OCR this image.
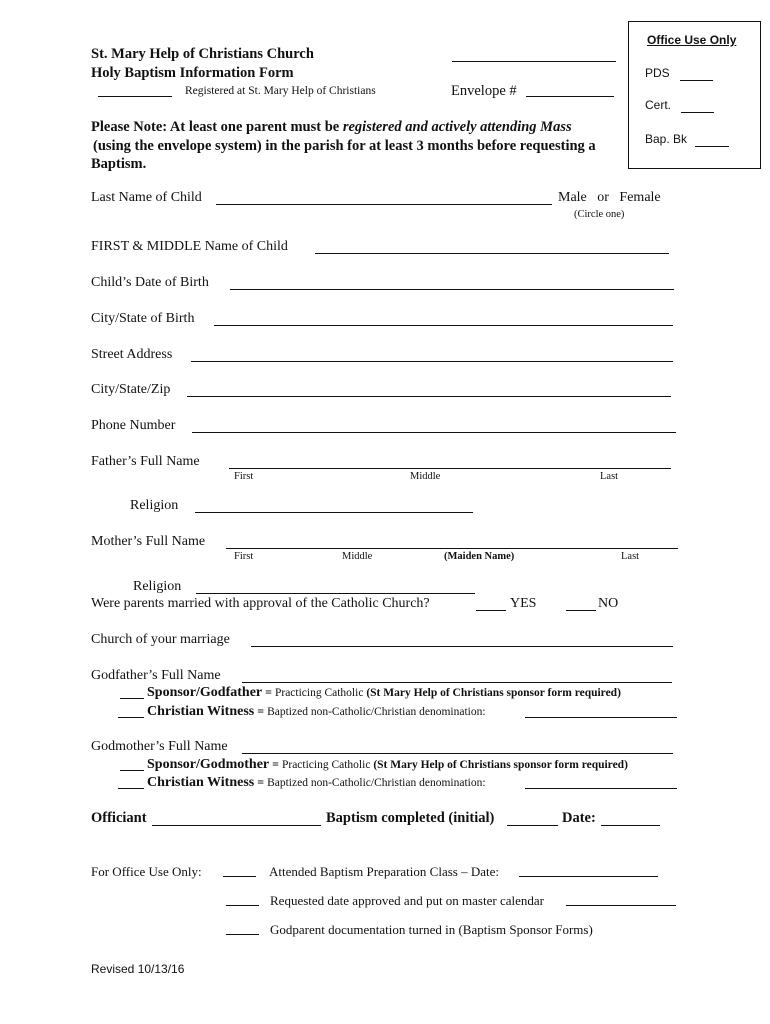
Office Use Only
PDS
Cert.
Bap. Bk
St. Mary Help of Christians Church
Holy Baptism Information Form
Registered at St. Mary Help of Christians	Envelope #
Please Note: At least one parent must be registered and actively attending Mass
(using the envelope system) in the parish for at least 3 months before requesting a
Baptism.
Last Name of Child	Male   or   Female
(Circle one)
FIRST & MIDDLE Name of Child
Child’s Date of Birth
City/State of Birth
Street Address
City/State/Zip
Phone Number
Father’s Full Name
First	Middle	Last
Religion
Mother’s Full Name
First	Middle	(Maiden Name)	Last
Religion
Were parents married with approval of the Catholic Church?	YES	NO
Church of your marriage
Godfather’s Full Name
Sponsor/Godfather = Practicing Catholic (St Mary Help of Christians sponsor form required)
Christian Witness = Baptized non-Catholic/Christian denomination:
Godmother’s Full Name
Sponsor/Godmother = Practicing Catholic (St Mary Help of Christians sponsor form required)
Christian Witness = Baptized non-Catholic/Christian denomination:
Officiant	Baptism completed (initial)	Date:
For Office Use Only:	Attended Baptism Preparation Class – Date:
Requested date approved and put on master calendar
Godparent documentation turned in (Baptism Sponsor Forms)
Revised 10/13/16
